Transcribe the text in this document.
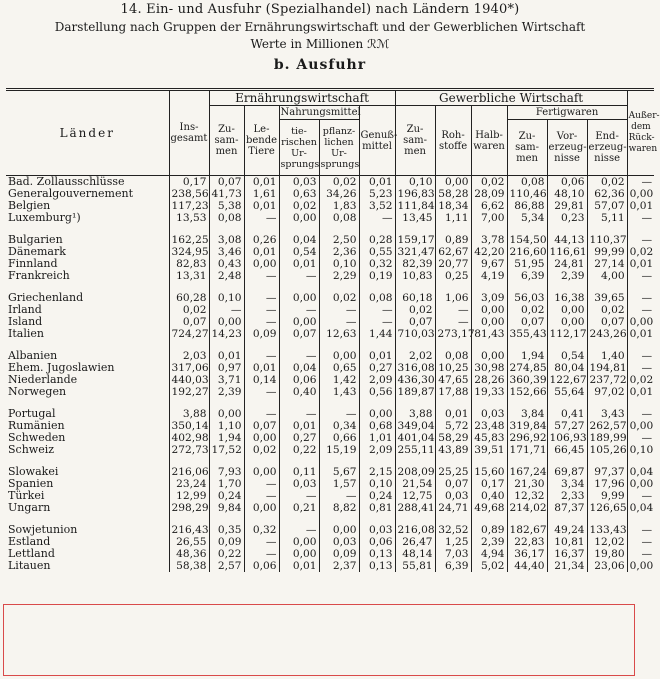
14. Ein- und Ausfuhr (Spezialhandel) nach Ländern 1940*)
Darstellung nach Gruppen der Ernährungswirtschaft und der Gewerblichen Wirtschaft
Werte in Millionen ℛℳ
b. Ausfuhr
Länder	Ins-
gesamt	Ernährungswirtschaft					Gewerbliche Wirtschaft						Außer-
dem
Rück-
waren
		Zu-
sam-
men	Le-
bende
Tiere	Nahrungsmittel		Genuß-
mittel	Zu-
sam-
men	Roh-
stoffe	Halb-
waren	Fertigwaren			
				tie-
rischen
Ur-
sprungs	pflanz-
lichen
Ur-
sprungs					Zu-
sam-
men	Vor-
erzeug-
nisse	End-
erzeug-
nisse	

Bad. Zollausschlüsse	0,17	0,07	0,01	0,03	0,02	0,01	0,10	0,00	0,02	0,08	0,06	0,02	—
Generalgouvernement	238,56	41,73	1,61	0,63	34,26	5,23	196,83	58,28	28,09	110,46	48,10	62,36	0,00
Belgien	117,23	5,38	0,01	0,02	1,83	3,52	111,84	18,34	6,62	86,88	29,81	57,07	0,01
Luxemburg¹)	13,53	0,08	—	0,00	0,08	—	13,45	1,11	7,00	5,34	0,23	5,11	—

Bulgarien	162,25	3,08	0,26	0,04	2,50	0,28	159,17	0,89	3,78	154,50	44,13	110,37	—
Dänemark	324,95	3,46	0,01	0,54	2,36	0,55	321,47	62,67	42,20	216,60	116,61	99,99	0,02
Finnland	82,83	0,43	0,00	0,01	0,10	0,32	82,39	20,77	9,67	51,95	24,81	27,14	0,01
Frankreich	13,31	2,48	—	—	2,29	0,19	10,83	0,25	4,19	6,39	2,39	4,00	—

Griechenland	60,28	0,10	—	0,00	0,02	0,08	60,18	1,06	3,09	56,03	16,38	39,65	—
Irland	0,02	—	—	—	—	—	0,02	—	0,00	0,02	0,00	0,02	—
Island	0,07	0,00	—	0,00	—	—	0,07	—	0,00	0,07	0,00	0,07	0,00
Italien	724,27	14,23	0,09	0,07	12,63	1,44	710,03	273,17	81,43	355,43	112,17	243,26	0,01

Albanien	2,03	0,01	—	—	0,00	0,01	2,02	0,08	0,00	1,94	0,54	1,40	—
Ehem. Jugoslawien	317,06	0,97	0,01	0,04	0,65	0,27	316,08	10,25	30,98	274,85	80,04	194,81	—
Niederlande	440,03	3,71	0,14	0,06	1,42	2,09	436,30	47,65	28,26	360,39	122,67	237,72	0,02
Norwegen	192,27	2,39	—	0,40	1,43	0,56	189,87	17,88	19,33	152,66	55,64	97,02	0,01

Portugal	3,88	0,00	—	—	—	0,00	3,88	0,01	0,03	3,84	0,41	3,43	—
Rumänien	350,14	1,10	0,07	0,01	0,34	0,68	349,04	5,72	23,48	319,84	57,27	262,57	0,00
Schweden	402,98	1,94	0,00	0,27	0,66	1,01	401,04	58,29	45,83	296,92	106,93	189,99	—
Schweiz	272,73	17,52	0,02	0,22	15,19	2,09	255,11	43,89	39,51	171,71	66,45	105,26	0,10

Slowakei	216,06	7,93	0,00	0,11	5,67	2,15	208,09	25,25	15,60	167,24	69,87	97,37	0,04
Spanien	23,24	1,70	—	0,03	1,57	0,10	21,54	0,07	0,17	21,30	3,34	17,96	0,00
Türkei	12,99	0,24	—	—	—	0,24	12,75	0,03	0,40	12,32	2,33	9,99	—
Ungarn	298,29	9,84	0,00	0,21	8,82	0,81	288,41	24,71	49,68	214,02	87,37	126,65	0,04

Sowjetunion	216,43	0,35	0,32	—	0,00	0,03	216,08	32,52	0,89	182,67	49,24	133,43	—
Estland	26,55	0,09	—	0,00	0,03	0,06	26,47	1,25	2,39	22,83	10,81	12,02	—
Lettland	48,36	0,22	—	0,00	0,09	0,13	48,14	7,03	4,94	36,17	16,37	19,80	—
Litauen	58,38	2,57	0,06	0,01	2,37	0,13	55,81	6,39	5,02	44,40	21,34	23,06	0,00
